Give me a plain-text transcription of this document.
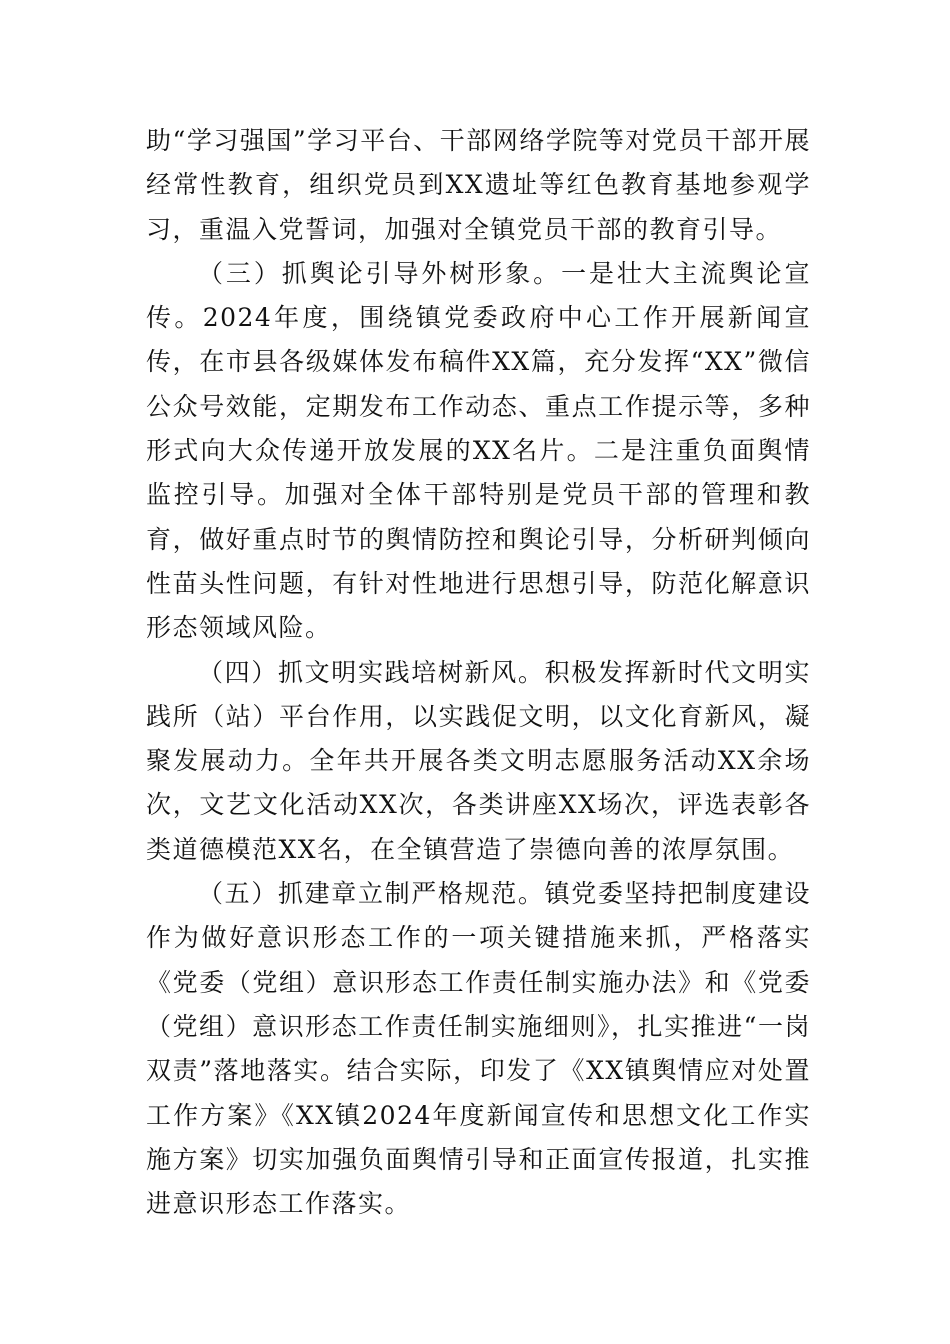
助“学习强国”学习平台、干部网络学院等对党员干部开展经常性教育，组织党员到XX遗址等红色教育基地参观学习，重温入党誓词，加强对全镇党员干部的教育引导。

（三）抓舆论引导外树形象。一是壮大主流舆论宣传。2024年度，围绕镇党委政府中心工作开展新闻宣传，在市县各级媒体发布稿件XX篇，充分发挥“XX”微信公众号效能，定期发布工作动态、重点工作提示等，多种形式向大众传递开放发展的XX名片。二是注重负面舆情监控引导。加强对全体干部特别是党员干部的管理和教育，做好重点时节的舆情防控和舆论引导，分析研判倾向性苗头性问题，有针对性地进行思想引导，防范化解意识形态领域风险。

（四）抓文明实践培树新风。积极发挥新时代文明实践所（站）平台作用，以实践促文明，以文化育新风，凝聚发展动力。全年共开展各类文明志愿服务活动XX余场次，文艺文化活动XX次，各类讲座XX场次，评选表彰各类道德模范XX名，在全镇营造了崇德向善的浓厚氛围。

（五）抓建章立制严格规范。镇党委坚持把制度建设作为做好意识形态工作的一项关键措施来抓，严格落实《党委（党组）意识形态工作责任制实施办法》和《党委（党组）意识形态工作责任制实施细则》，扎实推进“一岗双责”落地落实。结合实际，印发了《XX镇舆情应对处置工作方案》《XX镇2024年度新闻宣传和思想文化工作实施方案》切实加强负面舆情引导和正面宣传报道，扎实推进意识形态工作落实。
